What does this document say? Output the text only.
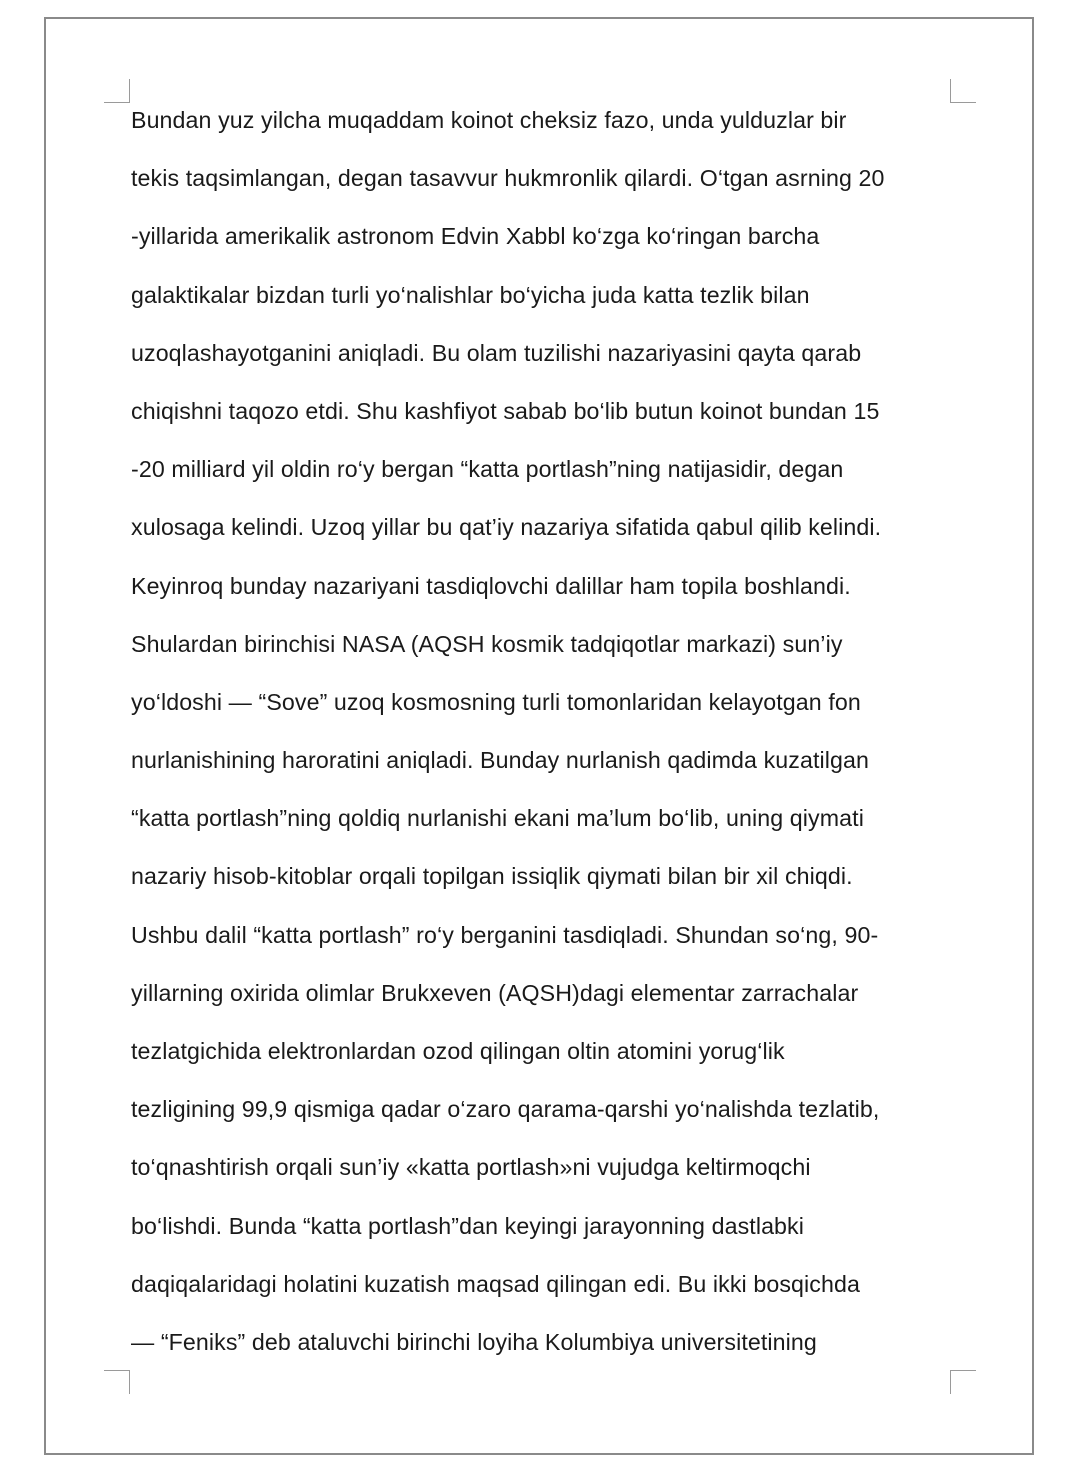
Bundan yuz yilcha muqaddam koinot cheksiz fazo, unda yulduzlar bir
tekis taqsimlangan, degan tasavvur hukmronlik qilardi. O‘tgan asrning 20
-yillarida amerikalik astronom Edvin Xabbl ko‘zga ko‘ringan barcha
galaktikalar bizdan turli yo‘nalishlar bo‘yicha juda katta tezlik bilan
uzoqlashayotganini aniqladi. Bu olam tuzilishi nazariyasini qayta qarab
chiqishni taqozo etdi. Shu kashfiyot sabab bo‘lib butun koinot bundan 15
-20 milliard yil oldin ro‘y bergan “katta portlash”ning natijasidir, degan
xulosaga kelindi. Uzoq yillar bu qat’iy nazariya sifatida qabul qilib kelindi.
Keyinroq bunday nazariyani tasdiqlovchi dalillar ham topila boshlandi.
Shulardan birinchisi NASA (AQSH kosmik tadqiqotlar markazi) sun’iy
yo‘ldoshi — “Sove” uzoq kosmosning turli tomonlaridan kelayotgan fon
nurlanishining haroratini aniqladi. Bunday nurlanish qadimda kuzatilgan
“katta portlash”ning qoldiq nurlanishi ekani ma’lum bo‘lib, uning qiymati
nazariy hisob-kitoblar orqali topilgan issiqlik qiymati bilan bir xil chiqdi.
Ushbu dalil “katta portlash” ro‘y berganini tasdiqladi. Shundan so‘ng, 90-
yillarning oxirida olimlar Brukxeven (AQSH)dagi elementar zarrachalar
tezlatgichida elektronlardan ozod qilingan oltin atomini yorug‘lik
tezligining 99,9 qismiga qadar o‘zaro qarama-qarshi yo‘nalishda tezlatib,
to‘qnashtirish orqali sun’iy «katta portlash»ni vujudga keltirmoqchi
bo‘lishdi. Bunda “katta portlash”dan keyingi jarayonning dastlabki
daqiqalaridagi holatini kuzatish maqsad qilingan edi. Bu ikki bosqichda
— “Feniks” deb ataluvchi birinchi loyiha Kolumbiya universitetining
